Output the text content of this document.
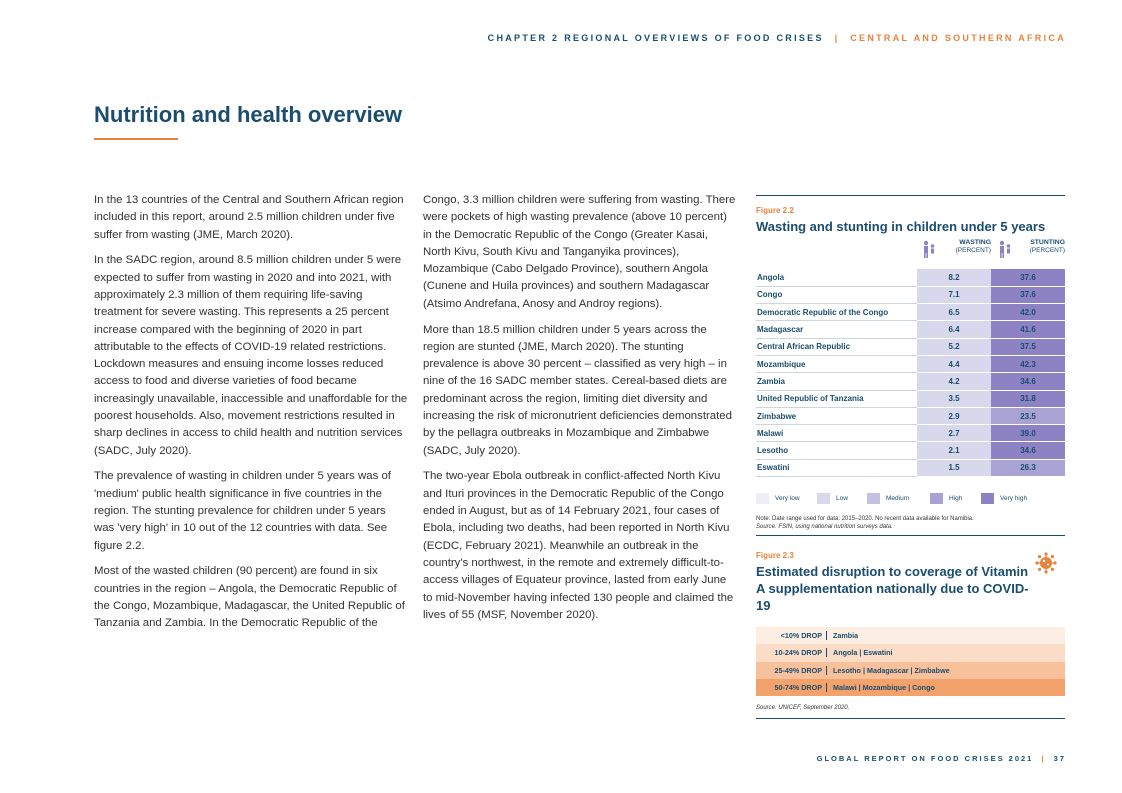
CHAPTER 2 REGIONAL OVERVIEWS OF FOOD CRISES | CENTRAL AND SOUTHERN AFRICA
Nutrition and health overview

In the 13 countries of the Central and Southern African region included in this report, around 2.5 million children under five suffer from wasting (JME, March 2020).

In the SADC region, around 8.5 million children under 5 were expected to suffer from wasting in 2020 and into 2021, with approximately 2.3 million of them requiring life-saving treatment for severe wasting. This represents a 25 percent increase compared with the beginning of 2020 in part attributable to the effects of COVID-19 related restrictions. Lockdown measures and ensuing income losses reduced access to food and diverse varieties of food became increasingly unavailable, inaccessible and unaffordable for the poorest households. Also, movement restrictions resulted in sharp declines in access to child health and nutrition services (SADC, July 2020).

The prevalence of wasting in children under 5 years was of 'medium' public health significance in five countries in the region. The stunting prevalence for children under 5 years was 'very high' in 10 out of the 12 countries with data. See figure 2.2.

Most of the wasted children (90 percent) are found in six countries in the region – Angola, the Democratic Republic of the Congo, Mozambique, Madagascar, the United Republic of Tanzania and Zambia. In the Democratic Republic of the

Congo, 3.3 million children were suffering from wasting. There were pockets of high wasting prevalence (above 10 percent) in the Democratic Republic of the Congo (Greater Kasai, North Kivu, South Kivu and Tanganyika provinces), Mozambique (Cabo Delgado Province), southern Angola (Cunene and Huila provinces) and southern Madagascar (Atsimo Andrefana, Anosy and Androy regions).

More than 18.5 million children under 5 years across the region are stunted (JME, March 2020). The stunting prevalence is above 30 percent – classified as very high – in nine of the 16 SADC member states. Cereal-based diets are predominant across the region, limiting diet diversity and increasing the risk of micronutrient deficiencies demonstrated by the pellagra outbreaks in Mozambique and Zimbabwe (SADC, July 2020).

The two-year Ebola outbreak in conflict-affected North Kivu and Ituri provinces in the Democratic Republic of the Congo ended in August, but as of 14 February 2021, four cases of Ebola, including two deaths, had been reported in North Kivu (ECDC, February 2021). Meanwhile an outbreak in the country's northwest, in the remote and extremely difficult-to-access villages of Equateur province, lasted from early June to mid-November having infected 130 people and claimed the lives of 55 (MSF, November 2020).

Figure 2.2
Wasting and stunting in children under 5 years
WASTING
(PERCENT)
STUNTING
(PERCENT)
Angola	8.2	37.6
Congo	7.1	37.6
Democratic Republic of the Congo	6.5	42.0
Madagascar	6.4	41.6
Central African Republic	5.2	37.5
Mozambique	4.4	42.3
Zambia	4.2	34.6
United Republic of Tanzania	3.5	31.8
Zimbabwe	2.9	23.5
Malawi	2.7	39.0
Lesotho	2.1	34.6
Eswatini	1.5	26.3
Very low	Low	Medium	High	Very high
Note: Date range used for data: 2015–2020. No recent data available for Namibia.
Source: FSIN, using national nutrition surveys data.
Figure 2.3
Estimated disruption to coverage of Vitamin A supplementation nationally due to COVID-19
<10% DROP	Zambia
10-24% DROP	Angola | Eswatini
25-49% DROP	Lesotho | Madagascar | Zimbabwe
50-74% DROP	Malawi | Mozambique | Congo
Source: UNICEF, September 2020.
GLOBAL REPORT ON FOOD CRISES 2021 | 37
